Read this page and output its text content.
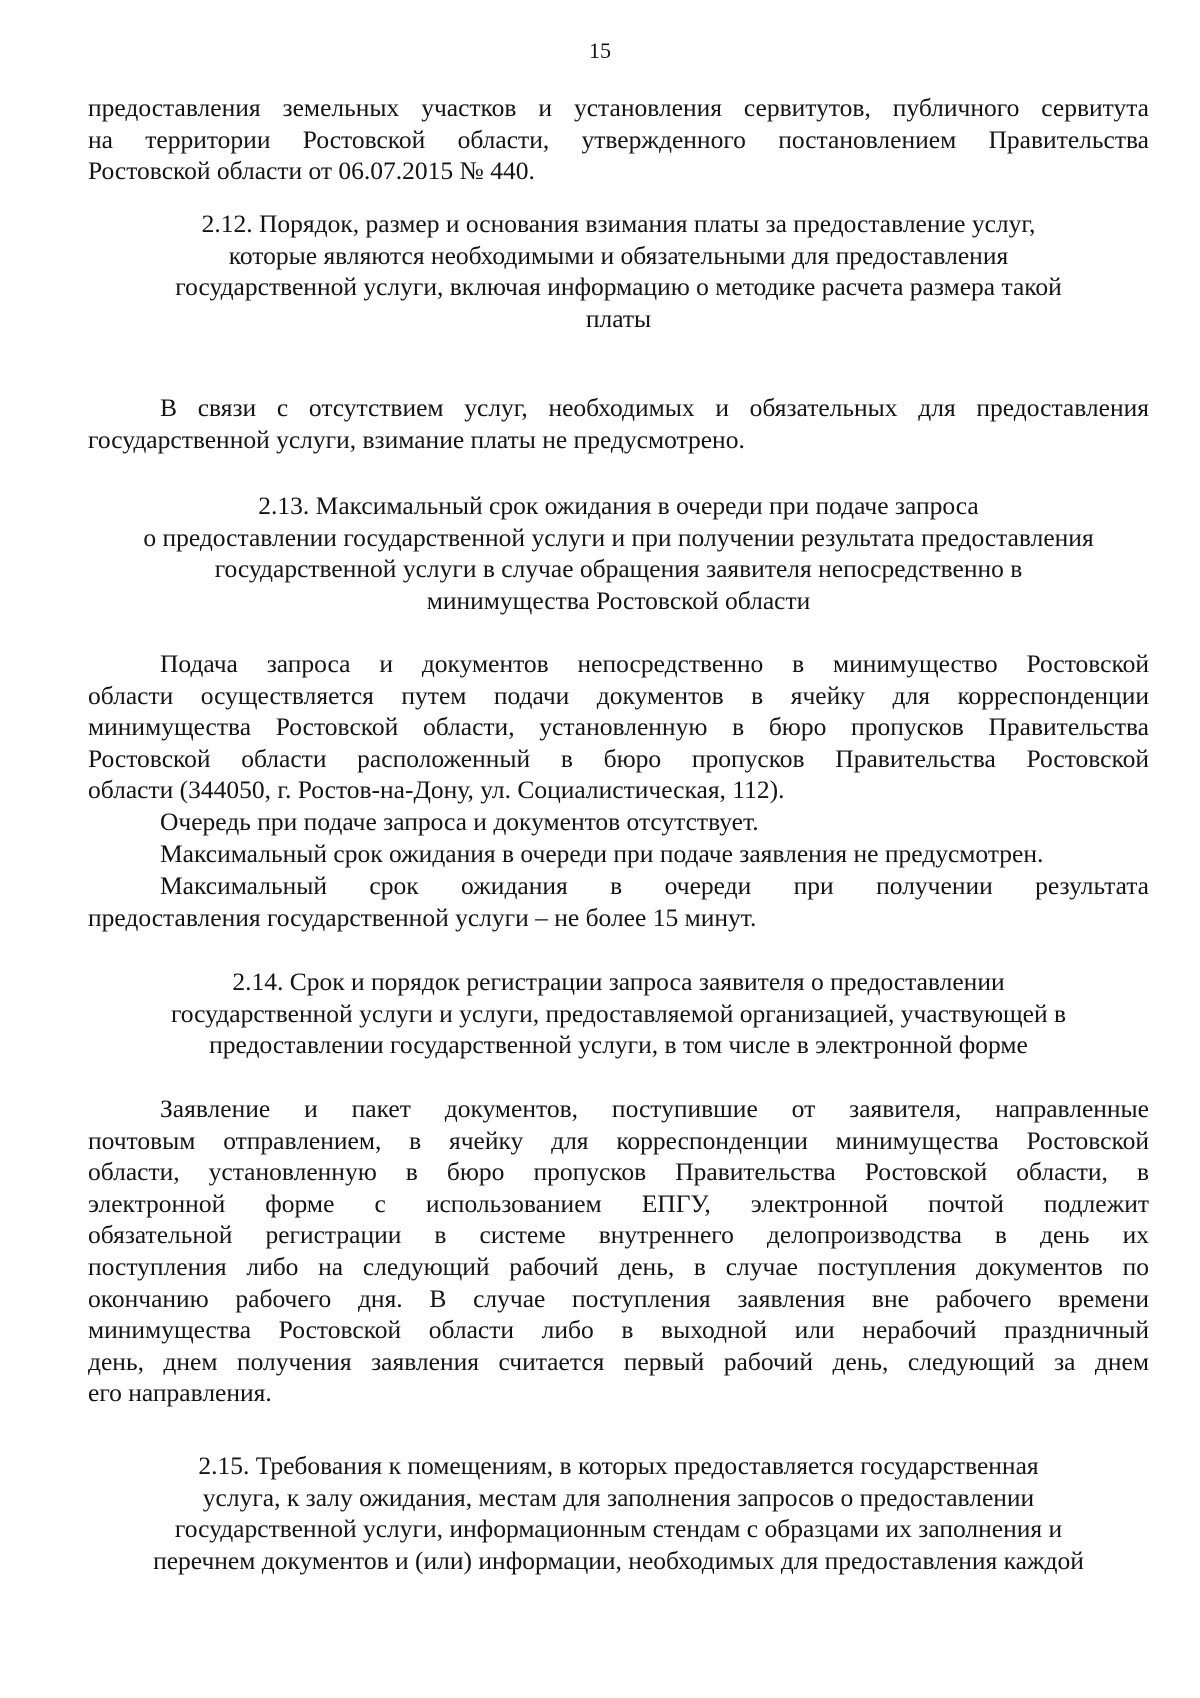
15
предоставления земельных участков и установления сервитутов, публичного сервитута
на территории Ростовской области, утвержденного постановлением Правительства
Ростовской области от 06.07.2015 № 440.
2.12. Порядок, размер и основания взимания платы за предоставление услуг,
которые являются необходимыми и обязательными для предоставления
государственной услуги, включая информацию о методике расчета размера такой
платы
В связи с отсутствием услуг, необходимых и обязательных для предоставления
государственной услуги, взимание платы не предусмотрено.
2.13. Максимальный срок ожидания в очереди при подаче запроса
о предоставлении государственной услуги и при получении результата предоставления
государственной услуги в случае обращения заявителя непосредственно в
минимущества Ростовской области
Подача запроса и документов непосредственно в минимущество Ростовской
области осуществляется путем подачи документов в ячейку для корреспонденции
минимущества Ростовской области, установленную в бюро пропусков Правительства
Ростовской области расположенный в бюро пропусков Правительства Ростовской
области (344050, г. Ростов-на-Дону, ул. Социалистическая, 112).
Очередь при подаче запроса и документов отсутствует.
Максимальный срок ожидания в очереди при подаче заявления не предусмотрен.
Максимальный срок ожидания в очереди при получении результата
предоставления государственной услуги – не более 15 минут.
2.14. Срок и порядок регистрации запроса заявителя о предоставлении
государственной услуги и услуги, предоставляемой организацией, участвующей в
предоставлении государственной услуги, в том числе в электронной форме
Заявление и пакет документов, поступившие от заявителя, направленные
почтовым отправлением, в ячейку для корреспонденции минимущества Ростовской
области, установленную в бюро пропусков Правительства Ростовской области, в
электронной форме с использованием ЕПГУ, электронной почтой подлежит
обязательной регистрации в системе внутреннего делопроизводства в день их
поступления либо на следующий рабочий день, в случае поступления документов по
окончанию рабочего дня. В случае поступления заявления вне рабочего времени
минимущества Ростовской области либо в выходной или нерабочий праздничный
день, днем получения заявления считается первый рабочий день, следующий за днем
его направления.
2.15. Требования к помещениям, в которых предоставляется государственная
услуга, к залу ожидания, местам для заполнения запросов о предоставлении
государственной услуги, информационным стендам с образцами их заполнения и
перечнем документов и (или) информации, необходимых для предоставления каждой
